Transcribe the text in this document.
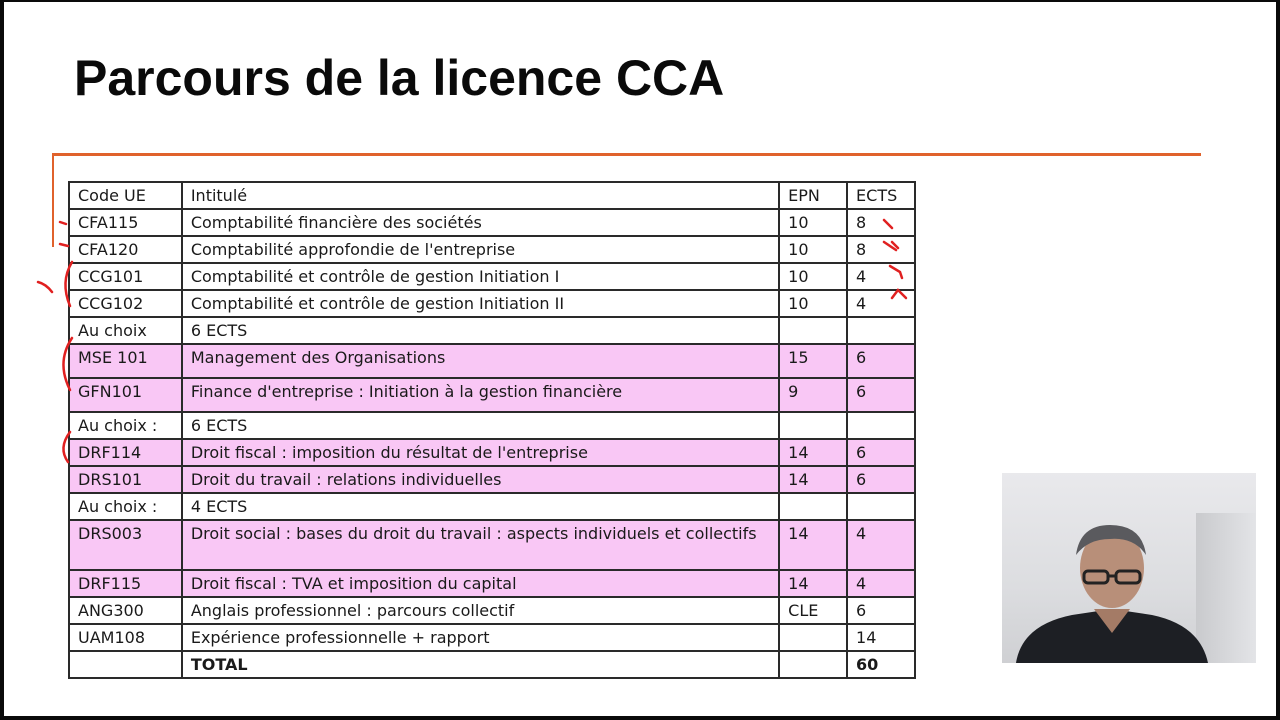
Parcours de la licence CCA
Code UE	Intitulé	EPN	ECTS
CFA115	Comptabilité financière des sociétés	10	8
CFA120	Comptabilité approfondie de l'entreprise	10	8
CCG101	Comptabilité et contrôle de gestion Initiation I	10	4
CCG102	Comptabilité et contrôle de gestion Initiation II	10	4
Au choix	6 ECTS		
MSE 101	Management des Organisations	15	6
GFN101	Finance d'entreprise : Initiation à la gestion financière	9	6
Au choix :	6 ECTS		
DRF114	Droit fiscal : imposition du résultat de l'entreprise	14	6
DRS101	Droit du travail : relations individuelles	14	6
Au choix :	4 ECTS		
DRS003	Droit social : bases du droit du travail : aspects individuels et collectifs	14	4
DRF115	Droit fiscal : TVA et imposition du capital	14	4
ANG300	Anglais professionnel : parcours collectif	CLE	6
UAM108	Expérience professionnelle + rapport		14
	TOTAL		60
